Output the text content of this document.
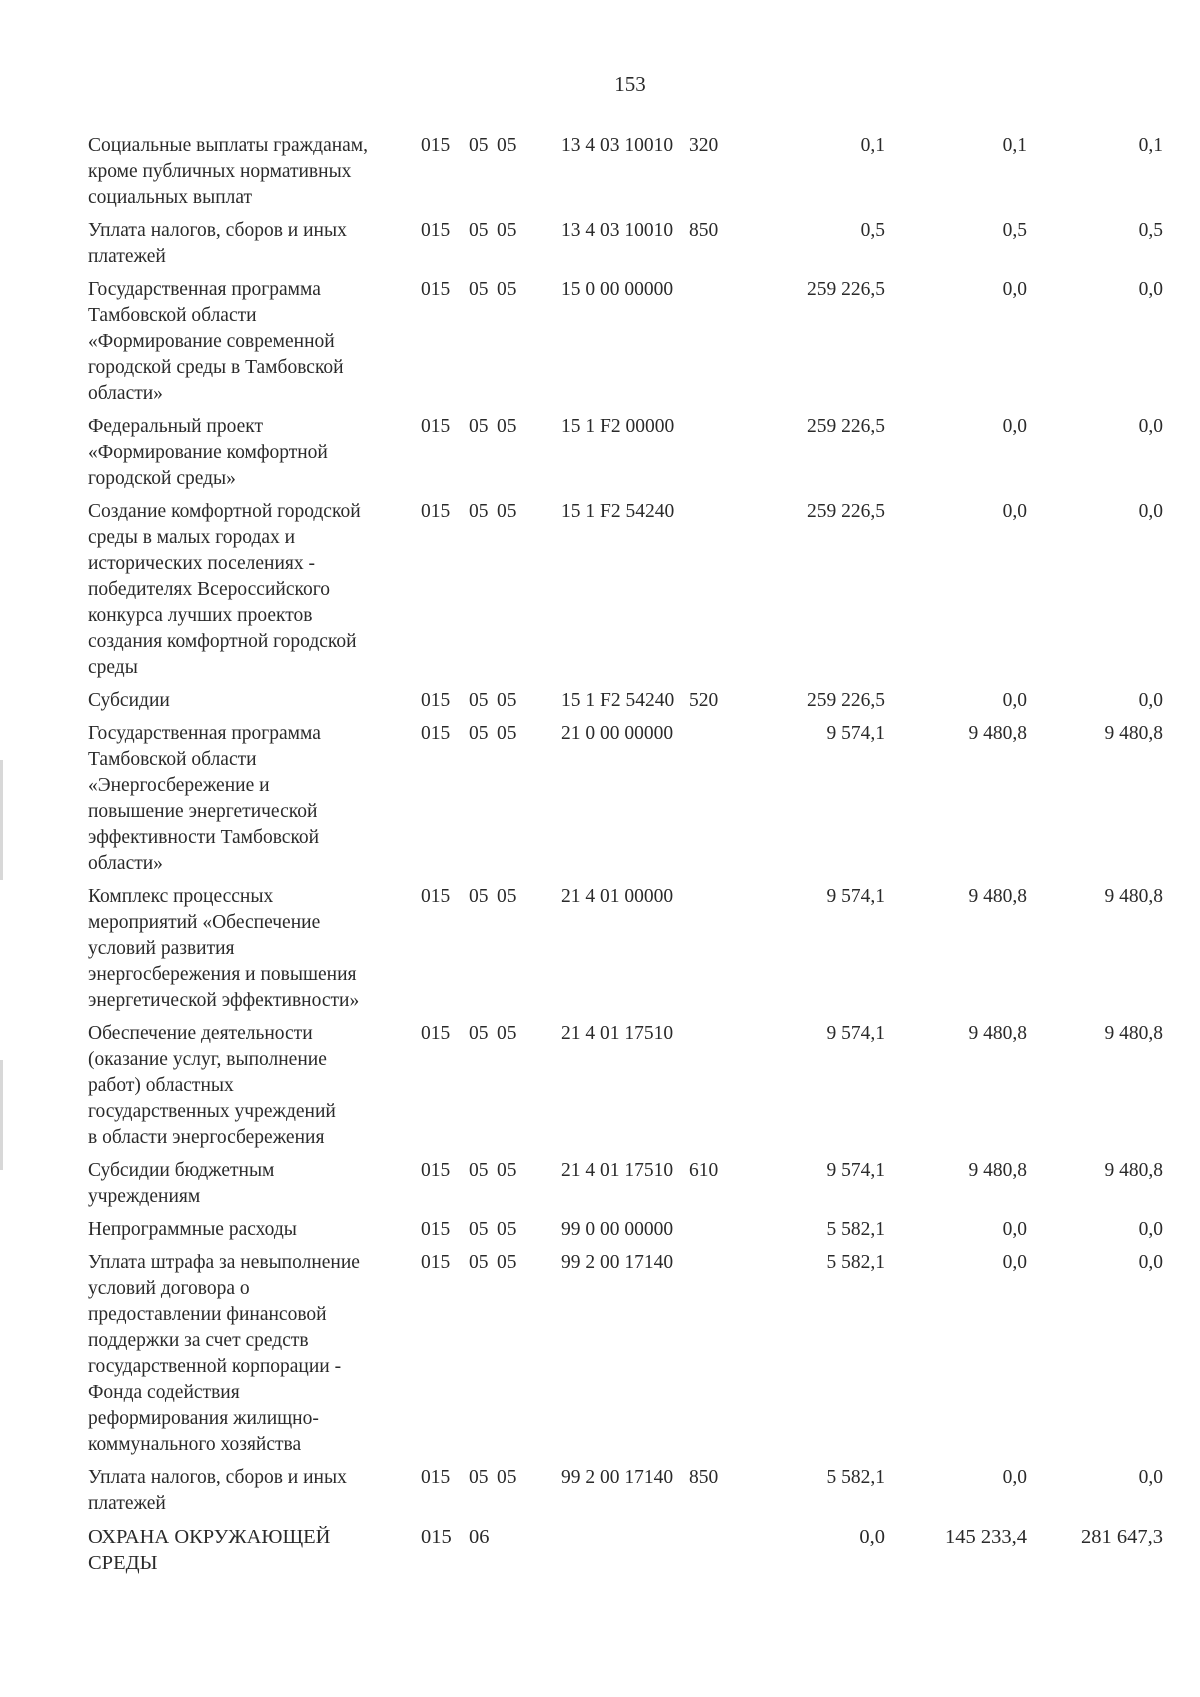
153
Социальные выплаты гражданам,
кроме публичных нормативных
социальных выплат
015 05 05	13 4 03 10010 320	0,1	0,1	0,1
Уплата налогов, сборов и иных
платежей
015 05 05	13 4 03 10010 850	0,5	0,5	0,5
Государственная программа
Тамбовской области
«Формирование современной
городской среды в Тамбовской
области»
015 05 05	15 0 00 00000	259 226,5	0,0	0,0
Федеральный проект
«Формирование комфортной
городской среды»
015 05 05	15 1 F2 00000	259 226,5	0,0	0,0
Создание комфортной городской
среды в малых городах и
исторических поселениях -
победителях Всероссийского
конкурса лучших проектов
создания комфортной городской
среды
015 05 05	15 1 F2 54240	259 226,5	0,0	0,0
Субсидии	015 05 05	15 1 F2 54240 520	259 226,5	0,0	0,0
Государственная программа
Тамбовской области
«Энергосбережение и
повышение энергетической
эффективности Тамбовской
области»
015 05 05	21 0 00 00000	9 574,1	9 480,8	9 480,8
Комплекс процессных
мероприятий «Обеспечение
условий развития
энергосбережения и повышения
энергетической эффективности»
015 05 05	21 4 01 00000	9 574,1	9 480,8	9 480,8
Обеспечение деятельности
(оказание услуг, выполнение
работ) областных
государственных учреждений
в области энергосбережения
015 05 05	21 4 01 17510	9 574,1	9 480,8	9 480,8
Субсидии бюджетным
учреждениям
015 05 05	21 4 01 17510 610	9 574,1	9 480,8	9 480,8
Непрограммные расходы	015 05 05	99 0 00 00000	5 582,1	0,0	0,0
Уплата штрафа за невыполнение
условий договора о
предоставлении финансовой
поддержки за счет средств
государственной корпорации -
Фонда содействия
реформирования жилищно-
коммунального хозяйства
015 05 05	99 2 00 17140	5 582,1	0,0	0,0
Уплата налогов, сборов и иных
платежей
015 05 05	99 2 00 17140 850	5 582,1	0,0	0,0
ОХРАНА ОКРУЖАЮЩЕЙ
СРЕДЫ
015 06	0,0	145 233,4	281 647,3
